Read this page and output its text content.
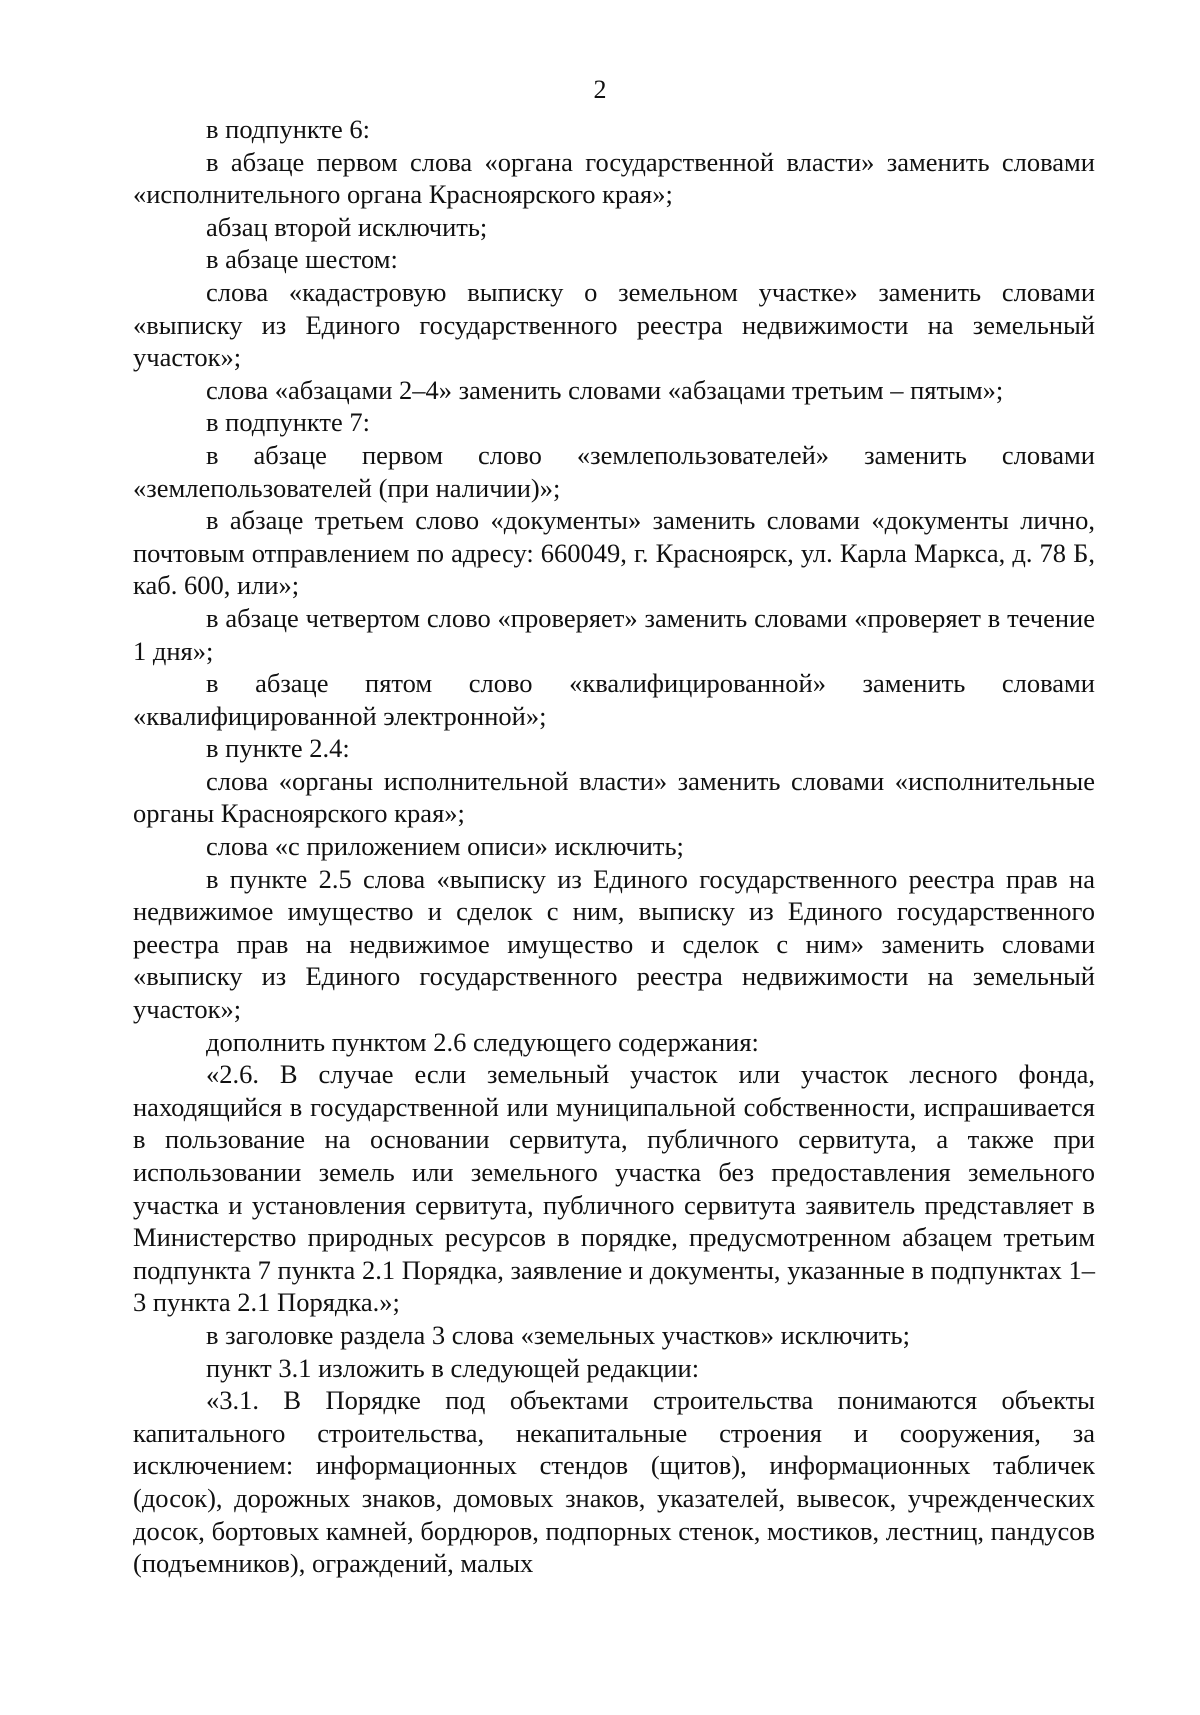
2

в подпункте 6:

в абзаце первом слова «органа государственной власти» заменить словами «исполнительного органа Красноярского края»;

абзац второй исключить;

в абзаце шестом:

слова «кадастровую выписку о земельном участке» заменить словами «выписку из Единого государственного реестра недвижимости на земельный участок»;

слова «абзацами 2–4» заменить словами «абзацами третьим – пятым»;

в подпункте 7:

в абзаце первом слово «землепользователей» заменить словами «землепользователей (при наличии)»;

в абзаце третьем слово «документы» заменить словами «документы лично, почтовым отправлением по адресу: 660049, г. Красноярск, ул. Карла Маркса, д. 78 Б, каб. 600, или»;

в абзаце четвертом слово «проверяет» заменить словами «проверяет в течение 1 дня»;

в абзаце пятом слово «квалифицированной» заменить словами «квалифицированной электронной»;

в пункте 2.4:

слова «органы исполнительной власти» заменить словами «исполнительные органы Красноярского края»;

слова «с приложением описи» исключить;

в пункте 2.5 слова «выписку из Единого государственного реестра прав на недвижимое имущество и сделок с ним, выписку из Единого государственного реестра прав на недвижимое имущество и сделок с ним» заменить словами «выписку из Единого государственного реестра недвижимости на земельный участок»;

дополнить пунктом 2.6 следующего содержания:

«2.6. В случае если земельный участок или участок лесного фонда, находящийся в государственной или муниципальной собственности, испрашивается в пользование на основании сервитута, публичного сервитута, а также при использовании земель или земельного участка без предоставления земельного участка и установления сервитута, публичного сервитута заявитель представляет в Министерство природных ресурсов в порядке, предусмотренном абзацем третьим подпункта 7 пункта 2.1 Порядка, заявление и документы, указанные в подпунктах 1–3 пункта 2.1 Порядка.»;

в заголовке раздела 3 слова «земельных участков» исключить;

пункт 3.1 изложить в следующей редакции:

«3.1. В Порядке под объектами строительства понимаются объекты капитального строительства, некапитальные строения и сооружения, за исключением: информационных стендов (щитов), информационных табличек (досок), дорожных знаков, домовых знаков, указателей, вывесок, учрежденческих досок, бортовых камней, бордюров, подпорных стенок, мостиков, лестниц, пандусов (подъемников), ограждений, малых
